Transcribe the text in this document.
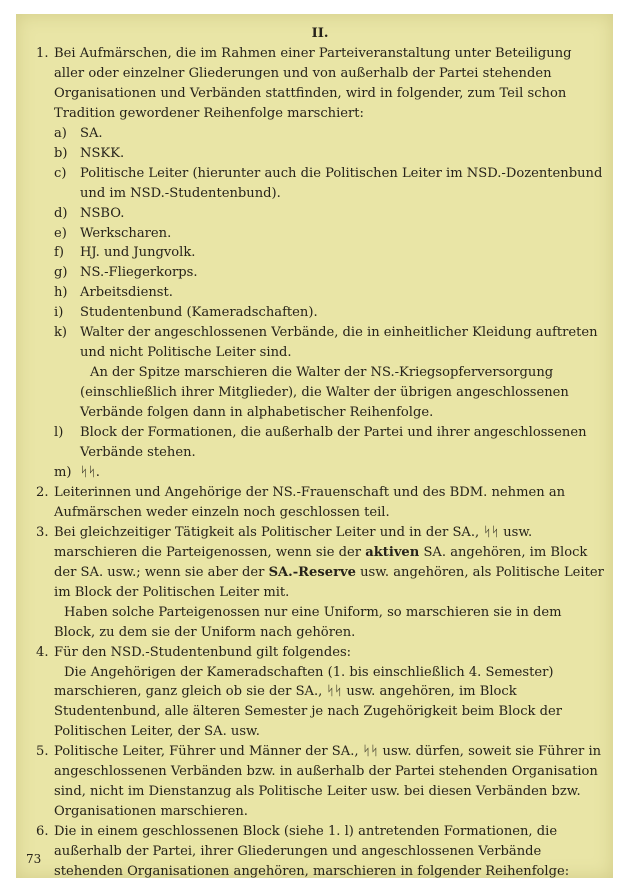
II.

1. Bei Aufmärschen, die im Rahmen einer Parteiveranstaltung unter Beteiligung aller oder einzelner Gliederungen und von außerhalb der Partei stehenden Organisationen und Verbänden stattfinden, wird in folgender, zum Teil schon Tradition gewordener Reihenfolge marschiert:

a) SA.

b) NSKK.

c) Politische Leiter (hierunter auch die Politischen Leiter im NSD.-Dozentenbund und im NSD.-Studentenbund).

d) NSBO.

e) Werkscharen.

f) HJ. und Jungvolk.

g) NS.-Fliegerkorps.

h) Arbeitsdienst.

i) Studentenbund (Kameradschaften).

k) Walter der angeschlossenen Verbände, die in einheitlicher Kleidung auftreten und nicht Politische Leiter sind.

An der Spitze marschieren die Walter der NS.-Kriegsopferversorgung (einschließlich ihrer Mitglieder), die Walter der übrigen angeschlossenen Verbände folgen dann in alphabetischer Reihenfolge.

l) Block der Formationen, die außerhalb der Partei und ihrer angeschlossenen Verbände stehen.

m) ᛋᛋ.

2. Leiterinnen und Angehörige der NS.-Frauenschaft und des BDM. nehmen an Aufmärschen weder einzeln noch geschlossen teil.

3. Bei gleichzeitiger Tätigkeit als Politischer Leiter und in der SA., ᛋᛋ usw. marschieren die Parteigenossen, wenn sie der aktiven SA. angehören, im Block der SA. usw.; wenn sie aber der SA.-Reserve usw. angehören, als Politische Leiter im Block der Politischen Leiter mit.

Haben solche Parteigenossen nur eine Uniform, so marschieren sie in dem Block, zu dem sie der Uniform nach gehören.

4. Für den NSD.-Studentenbund gilt folgendes:

Die Angehörigen der Kameradschaften (1. bis einschließlich 4. Semester) marschieren, ganz gleich ob sie der SA., ᛋᛋ usw. angehören, im Block Studentenbund, alle älteren Semester je nach Zugehörigkeit beim Block der Politischen Leiter, der SA. usw.

5. Politische Leiter, Führer und Männer der SA., ᛋᛋ usw. dürfen, soweit sie Führer in angeschlossenen Verbänden bzw. in außerhalb der Partei stehenden Organisation sind, nicht im Dienstanzug als Politische Leiter usw. bei diesen Verbänden bzw. Organisationen marschieren.

6. Die in einem geschlossenen Block (siehe 1. l) antretenden Formationen, die außerhalb der Partei, ihrer Gliederungen und angeschlossenen Verbände stehenden Organisationen angehören, marschieren in folgender Reihenfolge:

73
